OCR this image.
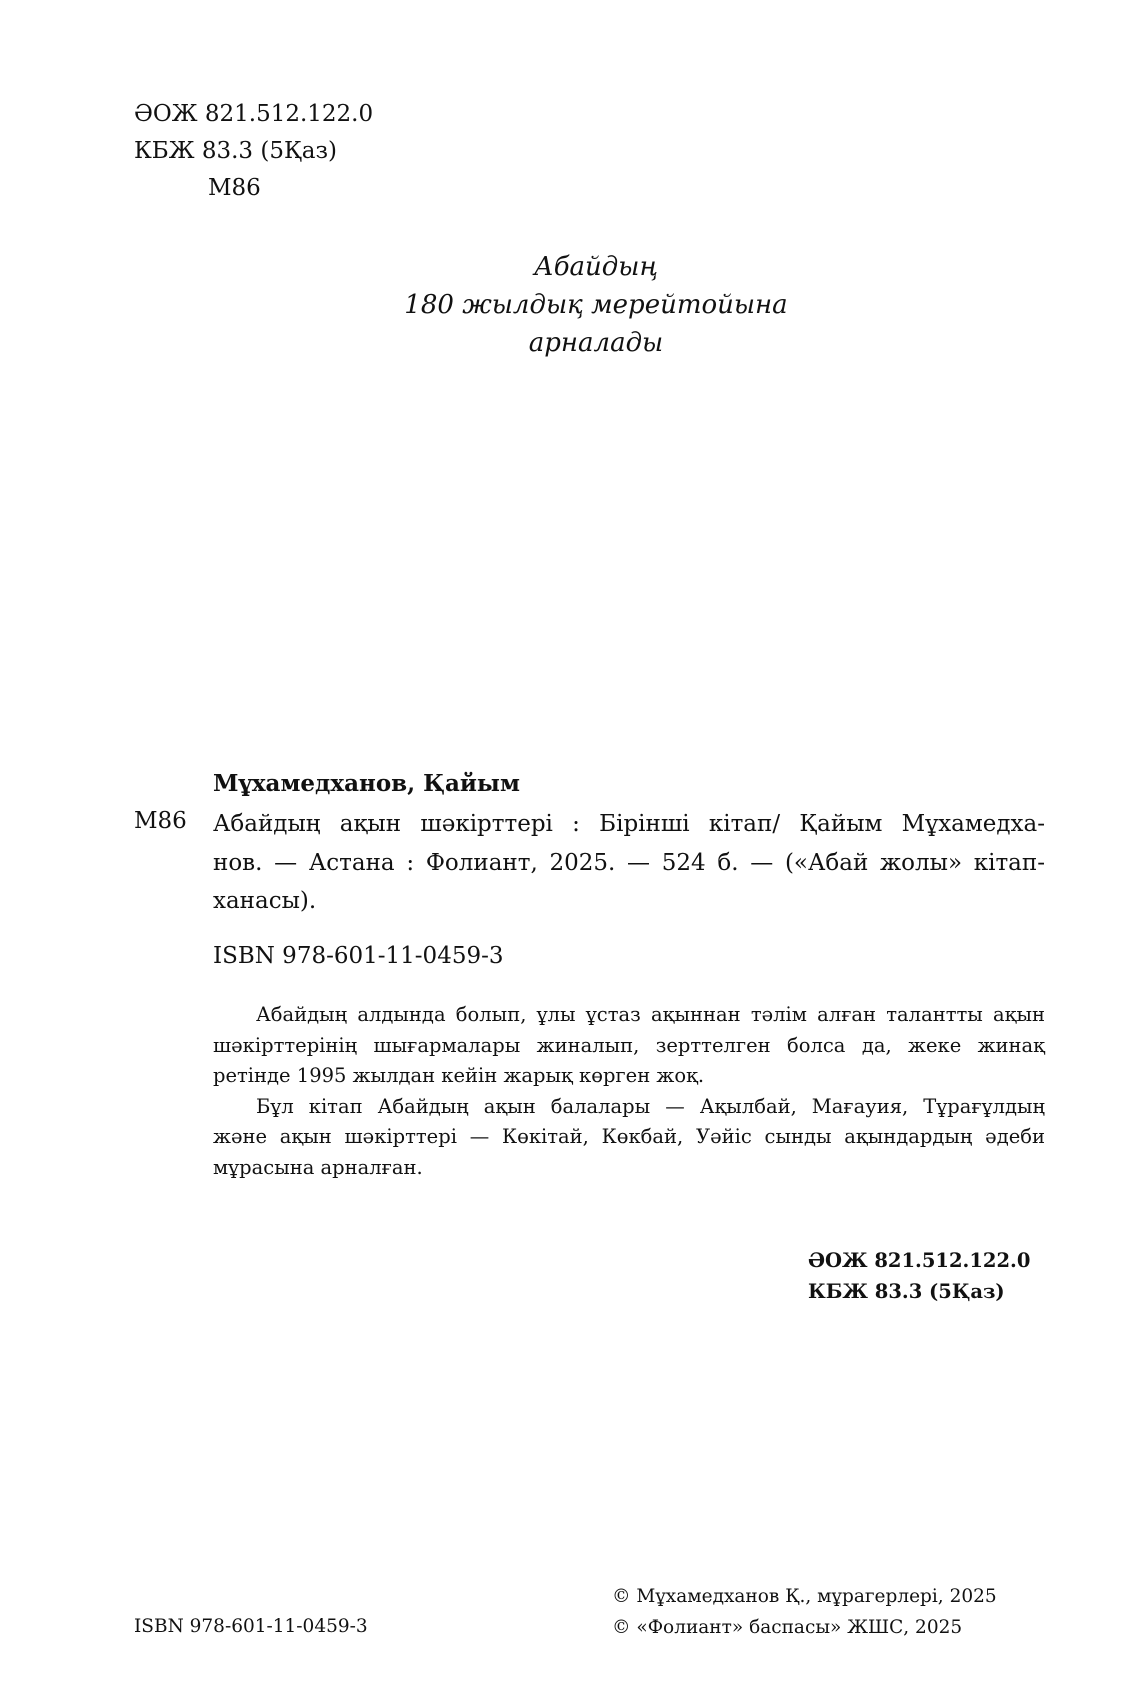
ӘОЖ 821.512.122.0
КБЖ 83.3 (5Қаз)
М86
Абайдың
180 жылдық мерейтойына
арналады
Мұхамедханов, Қайым
М86 Абайдың ақын шәкірттері : Бірінші кітап/ Қайым Мұхамедха-
нов. — Астана : Фолиант, 2025. — 524 б. — («Абай жолы» кітап-
ханасы).
ISBN 978-601-11-0459-3
Абайдың алдында болып, ұлы ұстаз ақыннан тәлім алған талантты ақын
шәкірттерінің шығармалары жиналып, зерттелген болса да, жеке жинақ
ретінде 1995 жылдан кейін жарық көрген жоқ.
Бұл кітап Абайдың ақын балалары — Ақылбай, Мағауия, Тұрағұлдың
және ақын шәкірттері — Көкітай, Көкбай, Уәйіс сынды ақындардың әдеби
мұрасына арналған.
ӘОЖ 821.512.122.0
КБЖ 83.3 (5Қаз)
ISBN 978-601-11-0459-3
© Мұхамедханов Қ., мұрагерлері, 2025
© «Фолиант» баспасы» ЖШС, 2025
